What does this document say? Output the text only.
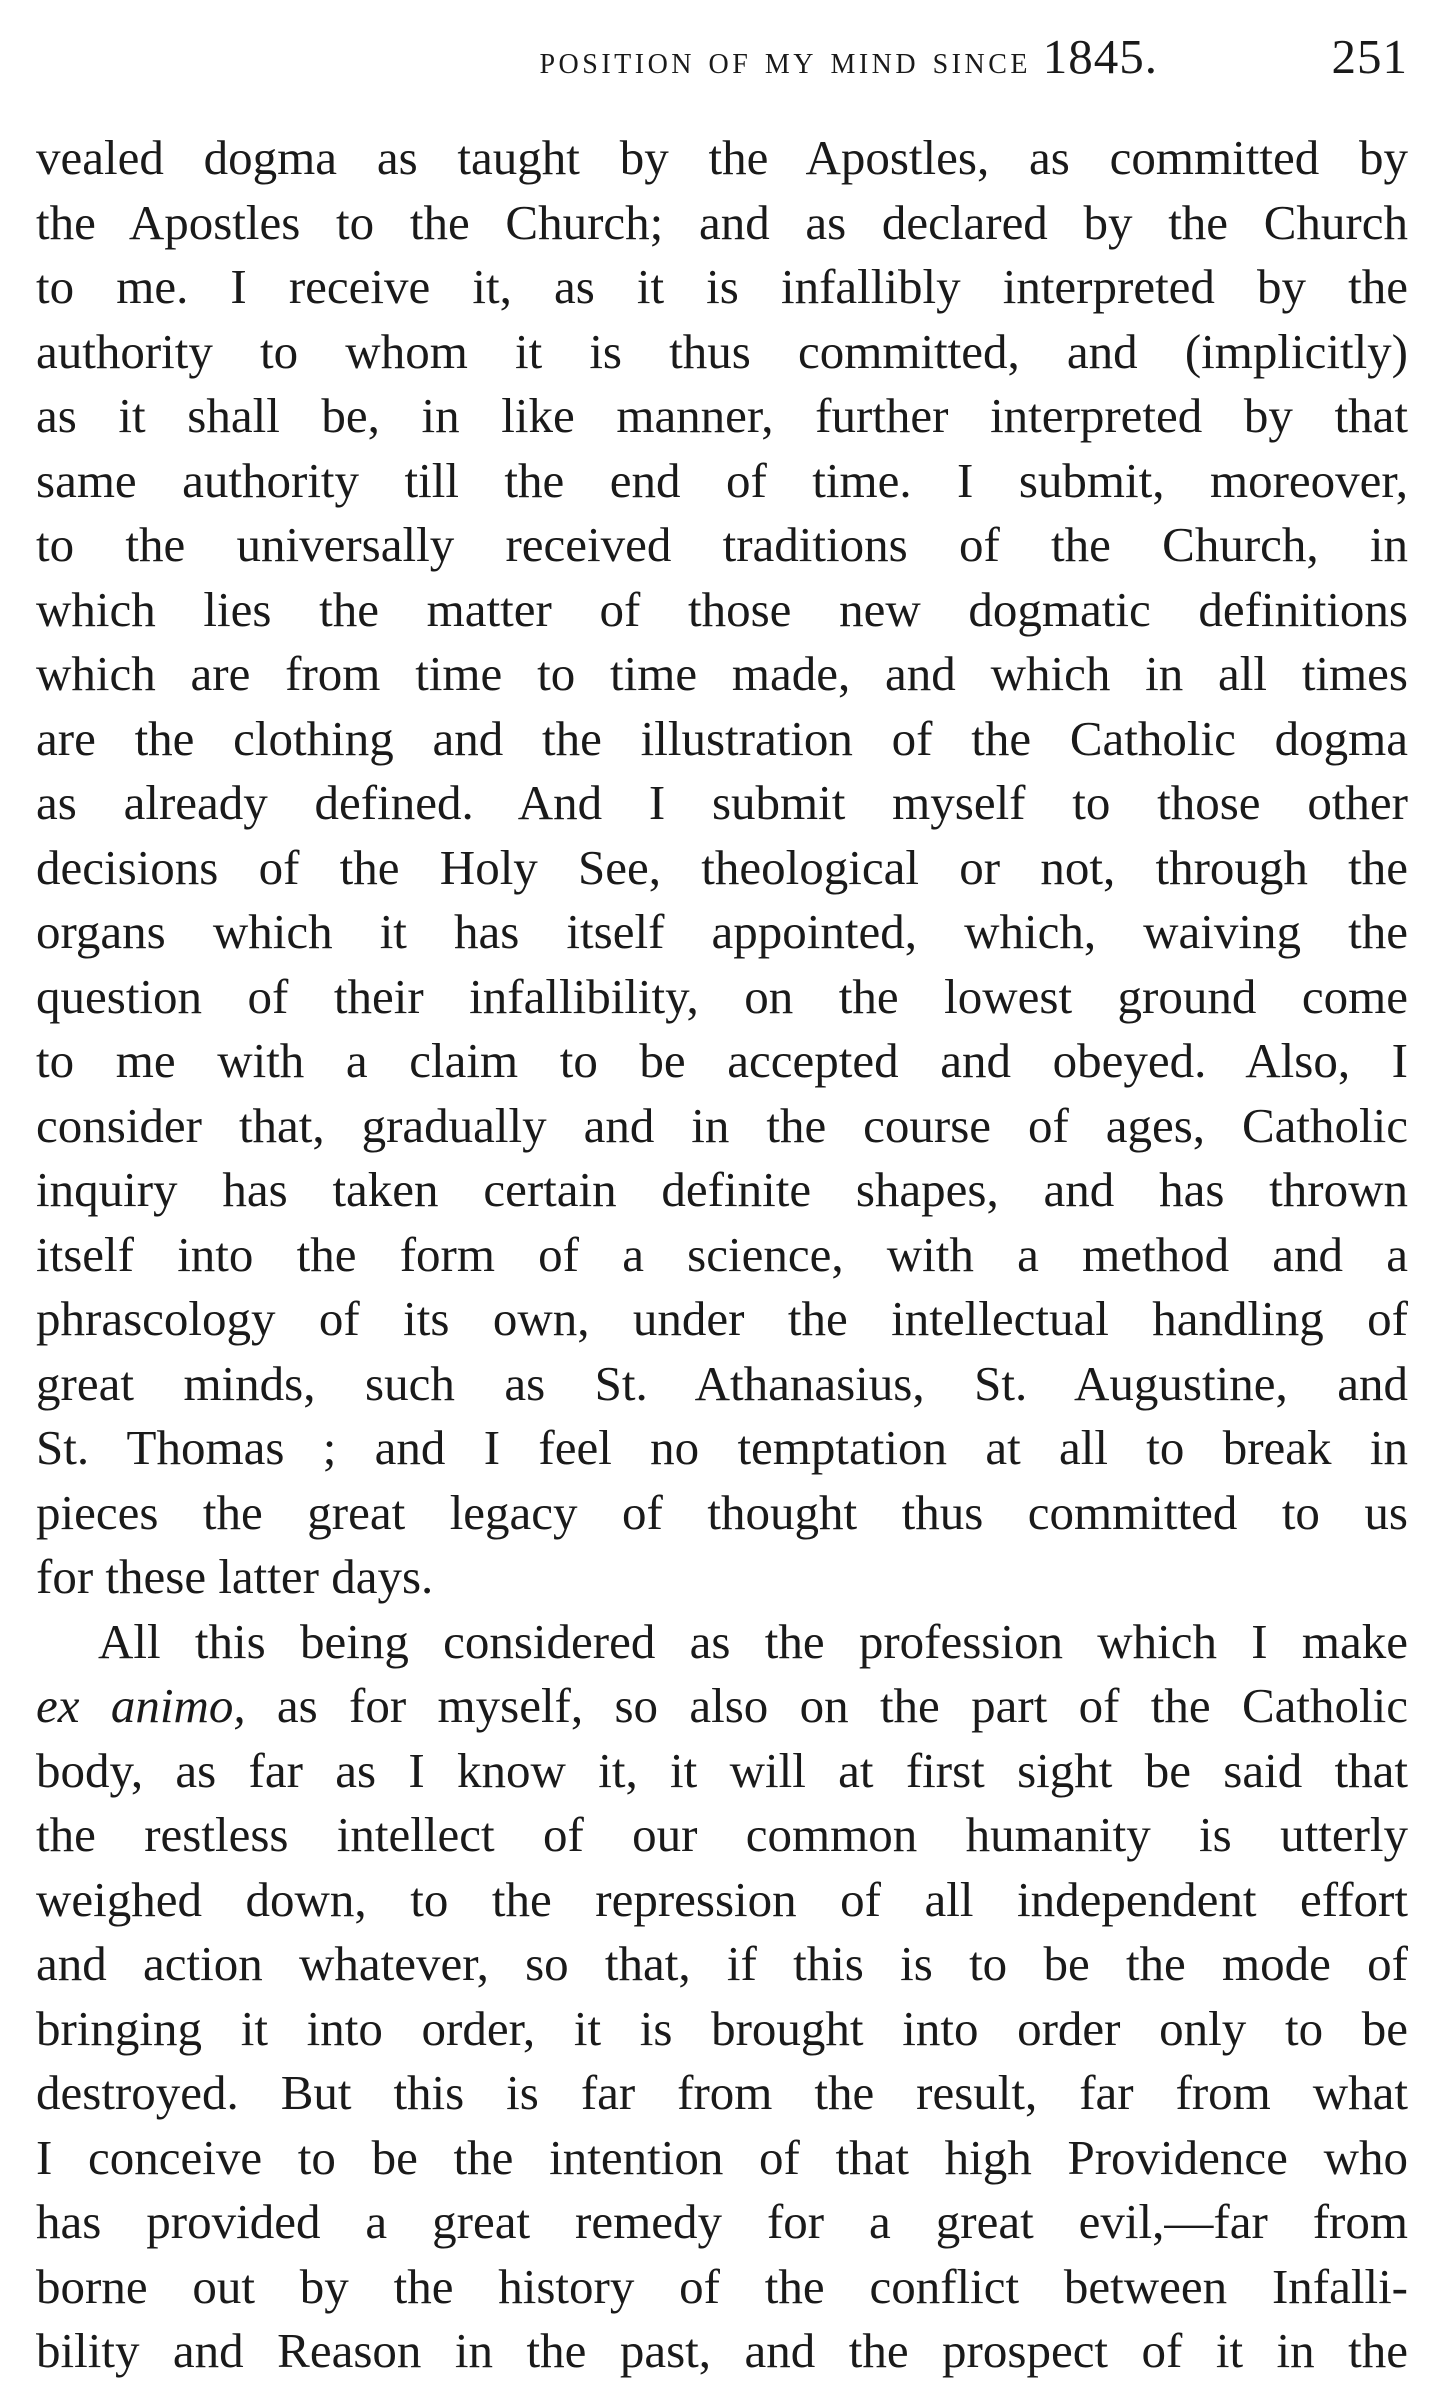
position of my mind since 1845.	251
vealed dogma as taught by the Apostles, as committed by
the Apostles to the Church; and as declared by the Church
to me. I receive it, as it is infallibly interpreted by the
authority to whom it is thus committed, and (implicitly)
as it shall be, in like manner, further interpreted by that
same authority till the end of time. I submit, moreover,
to the universally received traditions of the Church, in
which lies the matter of those new dogmatic definitions
which are from time to time made, and which in all times
are the clothing and the illustration of the Catholic dogma
as already defined. And I submit myself to those other
decisions of the Holy See, theological or not, through the
organs which it has itself appointed, which, waiving the
question of their infallibility, on the lowest ground come
to me with a claim to be accepted and obeyed. Also, I
consider that, gradually and in the course of ages, Catholic
inquiry has taken certain definite shapes, and has thrown
itself into the form of a science, with a method and a
phrascology of its own, under the intellectual handling of
great minds, such as St. Athanasius, St. Augustine, and
St. Thomas ; and I feel no temptation at all to break in
pieces the great legacy of thought thus committed to us
for these latter days.
All this being considered as the profession which I make
ex animo, as for myself, so also on the part of the Catholic
body, as far as I know it, it will at first sight be said that
the restless intellect of our common humanity is utterly
weighed down, to the repression of all independent effort
and action whatever, so that, if this is to be the mode of
bringing it into order, it is brought into order only to be
destroyed. But this is far from the result, far from what
I conceive to be the intention of that high Providence who
has provided a great remedy for a great evil,—far from
borne out by the history of the conflict between Infalli-
bility and Reason in the past, and the prospect of it in the
